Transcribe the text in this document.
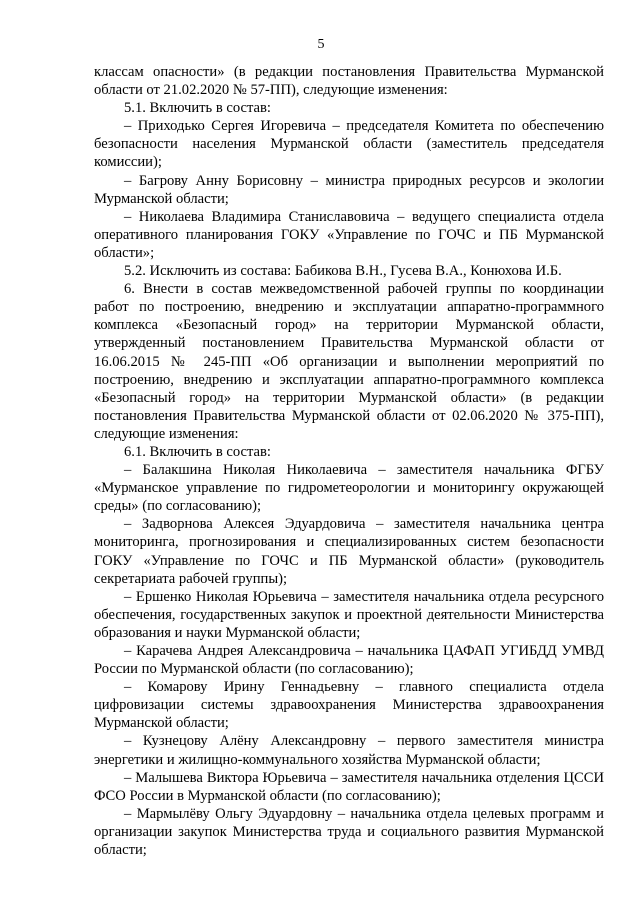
5

классам опасности» (в редакции постановления Правительства Мурманской области от 21.02.2020 № 57-ПП), следующие изменения:

5.1. Включить в состав:

– Приходько Сергея Игоревича – председателя Комитета по обеспечению безопасности населения Мурманской области (заместитель председателя комиссии);

– Багрову Анну Борисовну – министра природных ресурсов и экологии Мурманской области;

– Николаева Владимира Станиславовича – ведущего специалиста отдела оперативного планирования ГОКУ «Управление по ГОЧС и ПБ Мурманской области»;

5.2. Исключить из состава: Бабикова В.Н., Гусева В.А., Конюхова И.Б.

6. Внести в состав межведомственной рабочей группы по координации работ по построению, внедрению и эксплуатации аппаратно-программного комплекса «Безопасный город» на территории Мурманской области, утвержденный постановлением Правительства Мурманской области от 16.06.2015 № 245-ПП «Об организации и выполнении мероприятий по построению, внедрению и эксплуатации аппаратно-программного комплекса «Безопасный город» на территории Мурманской области» (в редакции постановления Правительства Мурманской области от 02.06.2020 № 375-ПП), следующие изменения:

6.1. Включить в состав:

– Балакшина Николая Николаевича – заместителя начальника ФГБУ «Мурманское управление по гидрометеорологии и мониторингу окружающей среды» (по согласованию);

– Задворнова Алексея Эдуардовича – заместителя начальника центра мониторинга, прогнозирования и специализированных систем безопасности ГОКУ «Управление по ГОЧС и ПБ Мурманской области» (руководитель секретариата рабочей группы);

– Ершенко Николая Юрьевича – заместителя начальника отдела ресурсного обеспечения, государственных закупок и проектной деятельности Министерства образования и науки Мурманской области;

– Карачева Андрея Александровича – начальника ЦАФАП УГИБДД УМВД России по Мурманской области (по согласованию);

– Комарову Ирину Геннадьевну – главного специалиста отдела цифровизации системы здравоохранения Министерства здравоохранения Мурманской области;

– Кузнецову Алёну Александровну – первого заместителя министра энергетики и жилищно-коммунального хозяйства Мурманской области;

– Малышева Виктора Юрьевича – заместителя начальника отделения ЦССИ ФСО России в Мурманской области (по согласованию);

– Мармылёву Ольгу Эдуардовну – начальника отдела целевых программ и организации закупок Министерства труда и социального развития Мурманской области;
